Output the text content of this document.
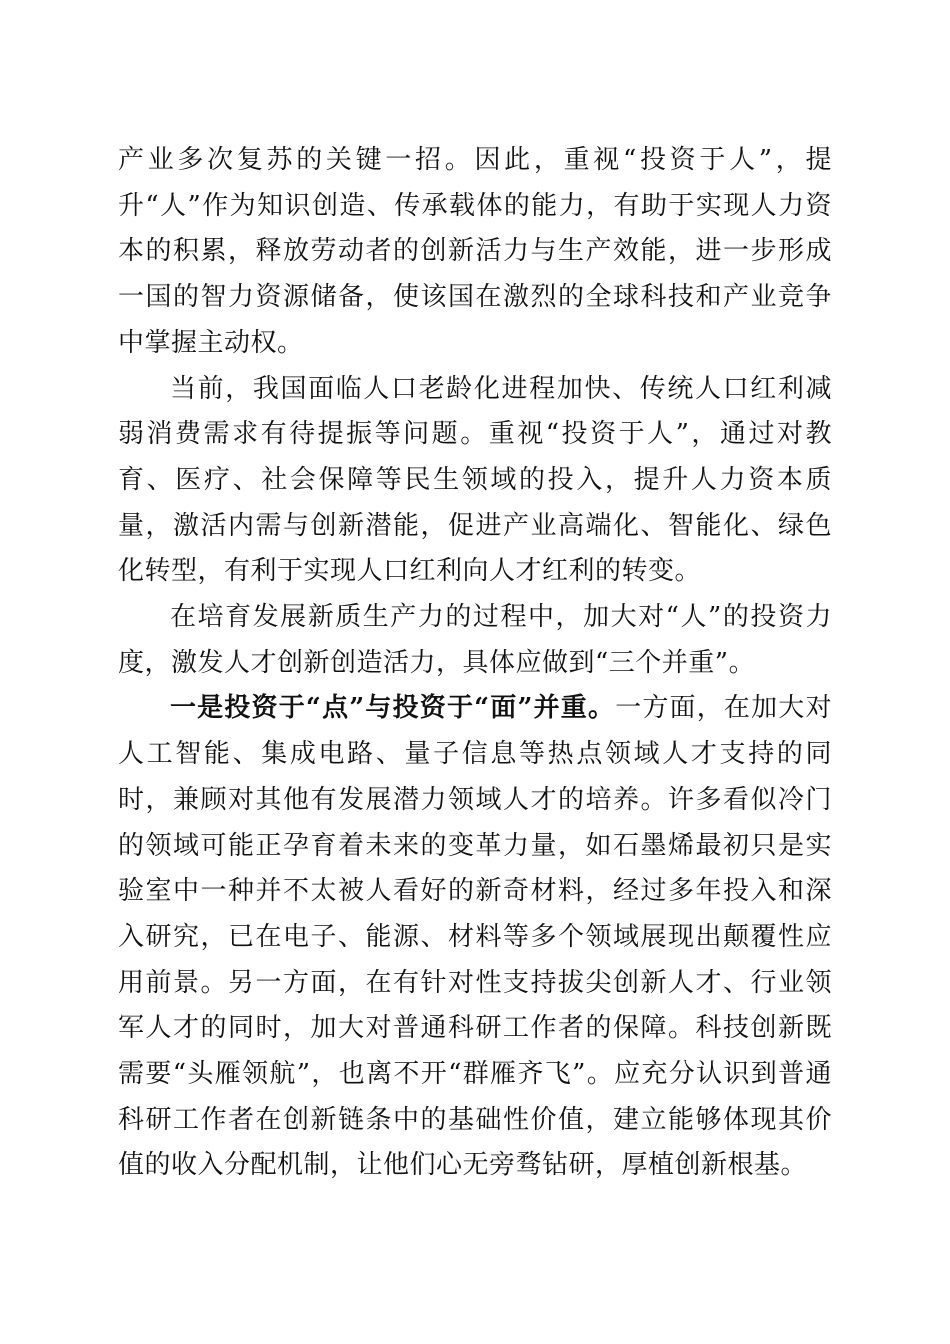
产业多次复苏的关键一招。因此，重视“投资于人”，提升“人”作为知识创造、传承载体的能力，有助于实现人力资本的积累，释放劳动者的创新活力与生产效能，进一步形成一国的智力资源储备，使该国在激烈的全球科技和产业竞争中掌握主动权。

当前，我国面临人口老龄化进程加快、传统人口红利减弱消费需求有待提振等问题。重视“投资于人”，通过对教育、医疗、社会保障等民生领域的投入，提升人力资本质量，激活内需与创新潜能，促进产业高端化、智能化、绿色化转型，有利于实现人口红利向人才红利的转变。

在培育发展新质生产力的过程中，加大对“人”的投资力度，激发人才创新创造活力，具体应做到“三个并重”。

一是投资于“点”与投资于“面”并重。一方面，在加大对人工智能、集成电路、量子信息等热点领域人才支持的同时，兼顾对其他有发展潜力领域人才的培养。许多看似冷门的领域可能正孕育着未来的变革力量，如石墨烯最初只是实验室中一种并不太被人看好的新奇材料，经过多年投入和深入研究，已在电子、能源、材料等多个领域展现出颠覆性应用前景。另一方面，在有针对性支持拔尖创新人才、行业领军人才的同时，加大对普通科研工作者的保障。科技创新既需要“头雁领航”，也离不开“群雁齐飞”。应充分认识到普通科研工作者在创新链条中的基础性价值，建立能够体现其价值的收入分配机制，让他们心无旁骛钻研，厚植创新根基。
